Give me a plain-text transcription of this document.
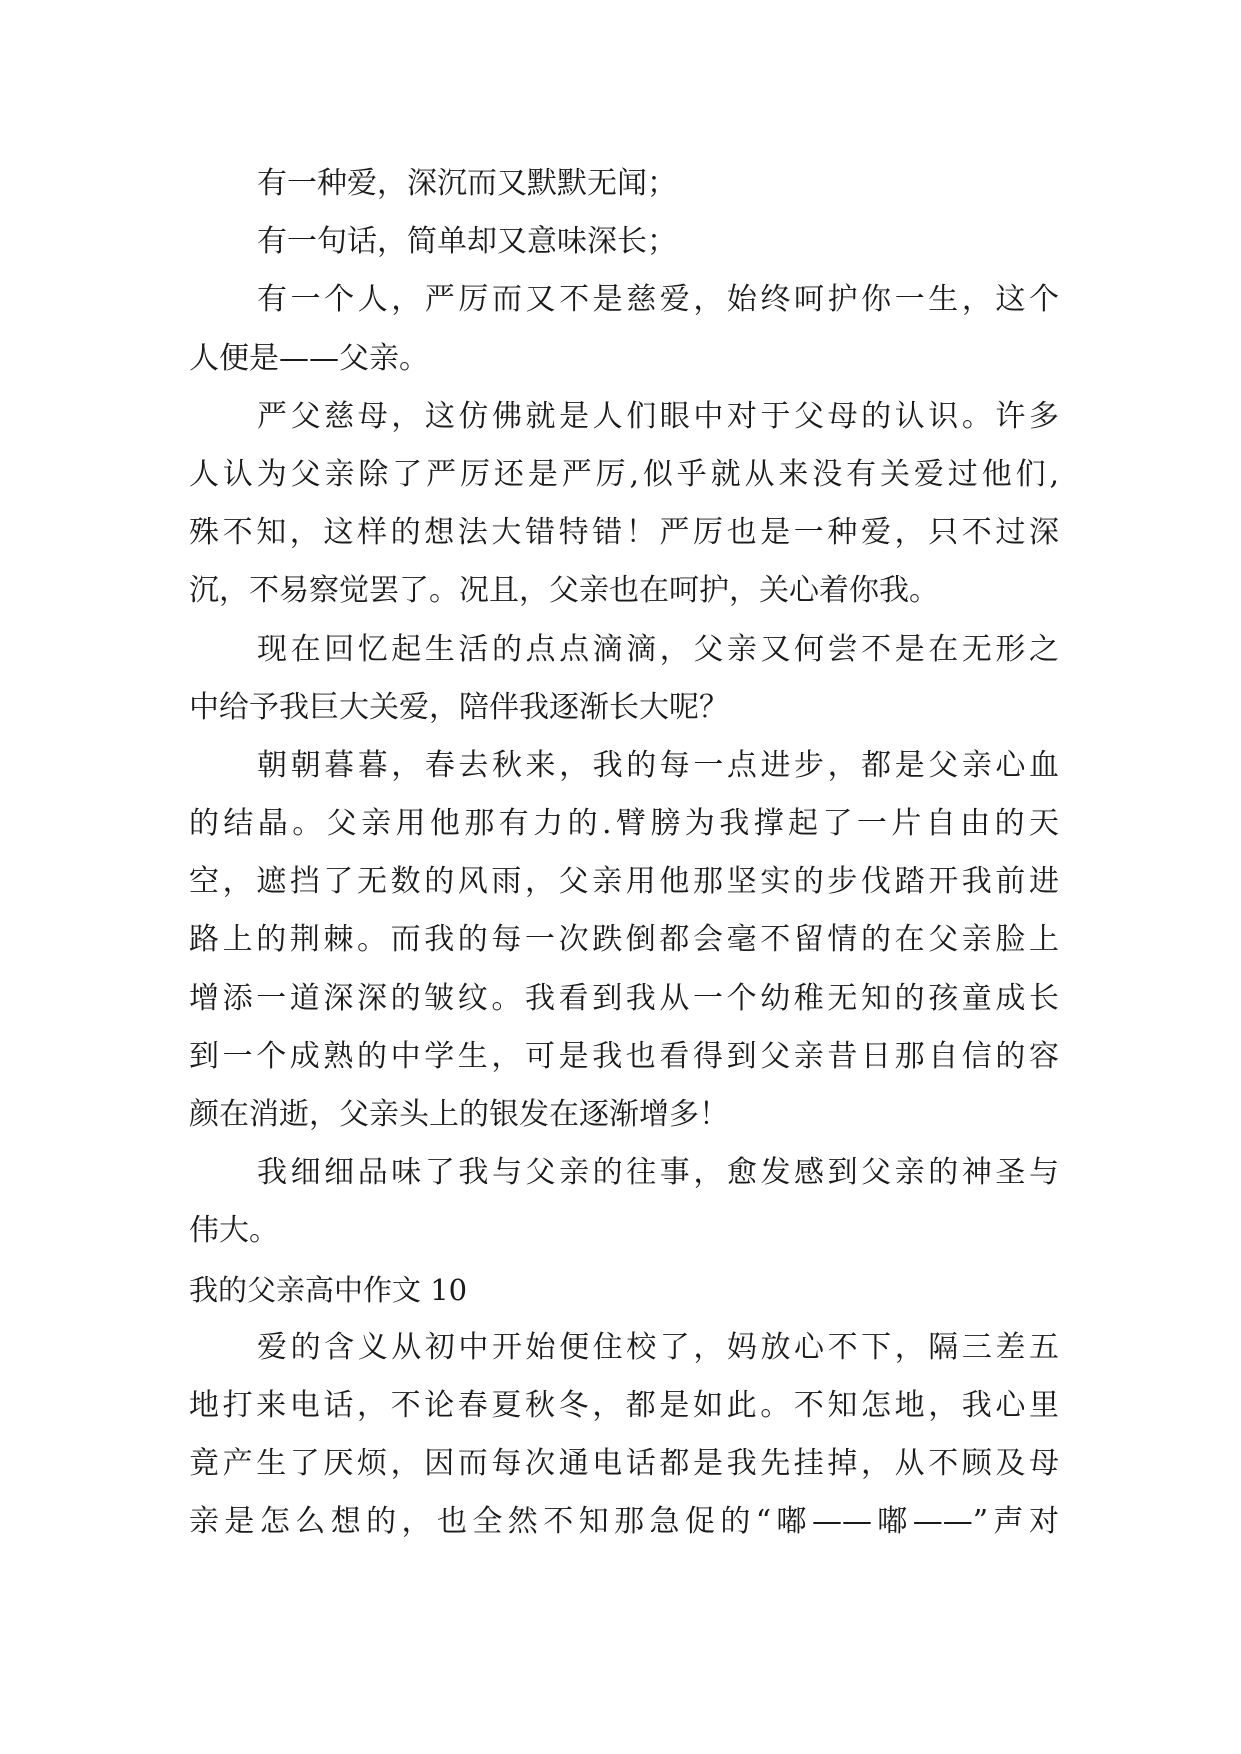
有一种爱，深沉而又默默无闻；
有一句话，简单却又意味深长；
有一个人，严厉而又不是慈爱，始终呵护你一生，这个
人便是——父亲。
严父慈母，这仿佛就是人们眼中对于父母的认识。许多
人认为父亲除了严厉还是严厉,似乎就从来没有关爱过他们,
殊不知，这样的想法大错特错！严厉也是一种爱，只不过深
沉，不易察觉罢了。况且，父亲也在呵护，关心着你我。
现在回忆起生活的点点滴滴，父亲又何尝不是在无形之
中给予我巨大关爱，陪伴我逐渐长大呢？
朝朝暮暮，春去秋来，我的每一点进步，都是父亲心血
的结晶。父亲用他那有力的.臂膀为我撑起了一片自由的天
空，遮挡了无数的风雨，父亲用他那坚实的步伐踏开我前进
路上的荆棘。而我的每一次跌倒都会毫不留情的在父亲脸上
增添一道深深的皱纹。我看到我从一个幼稚无知的孩童成长
到一个成熟的中学生，可是我也看得到父亲昔日那自信的容
颜在消逝，父亲头上的银发在逐渐增多！
我细细品味了我与父亲的往事，愈发感到父亲的神圣与
伟大。
我的父亲高中作文 10
爱的含义从初中开始便住校了，妈放心不下，隔三差五
地打来电话，不论春夏秋冬，都是如此。不知怎地，我心里
竟产生了厌烦，因而每次通电话都是我先挂掉，从不顾及母
亲是怎么想的，也全然不知那急促的“嘟——嘟——”声对
